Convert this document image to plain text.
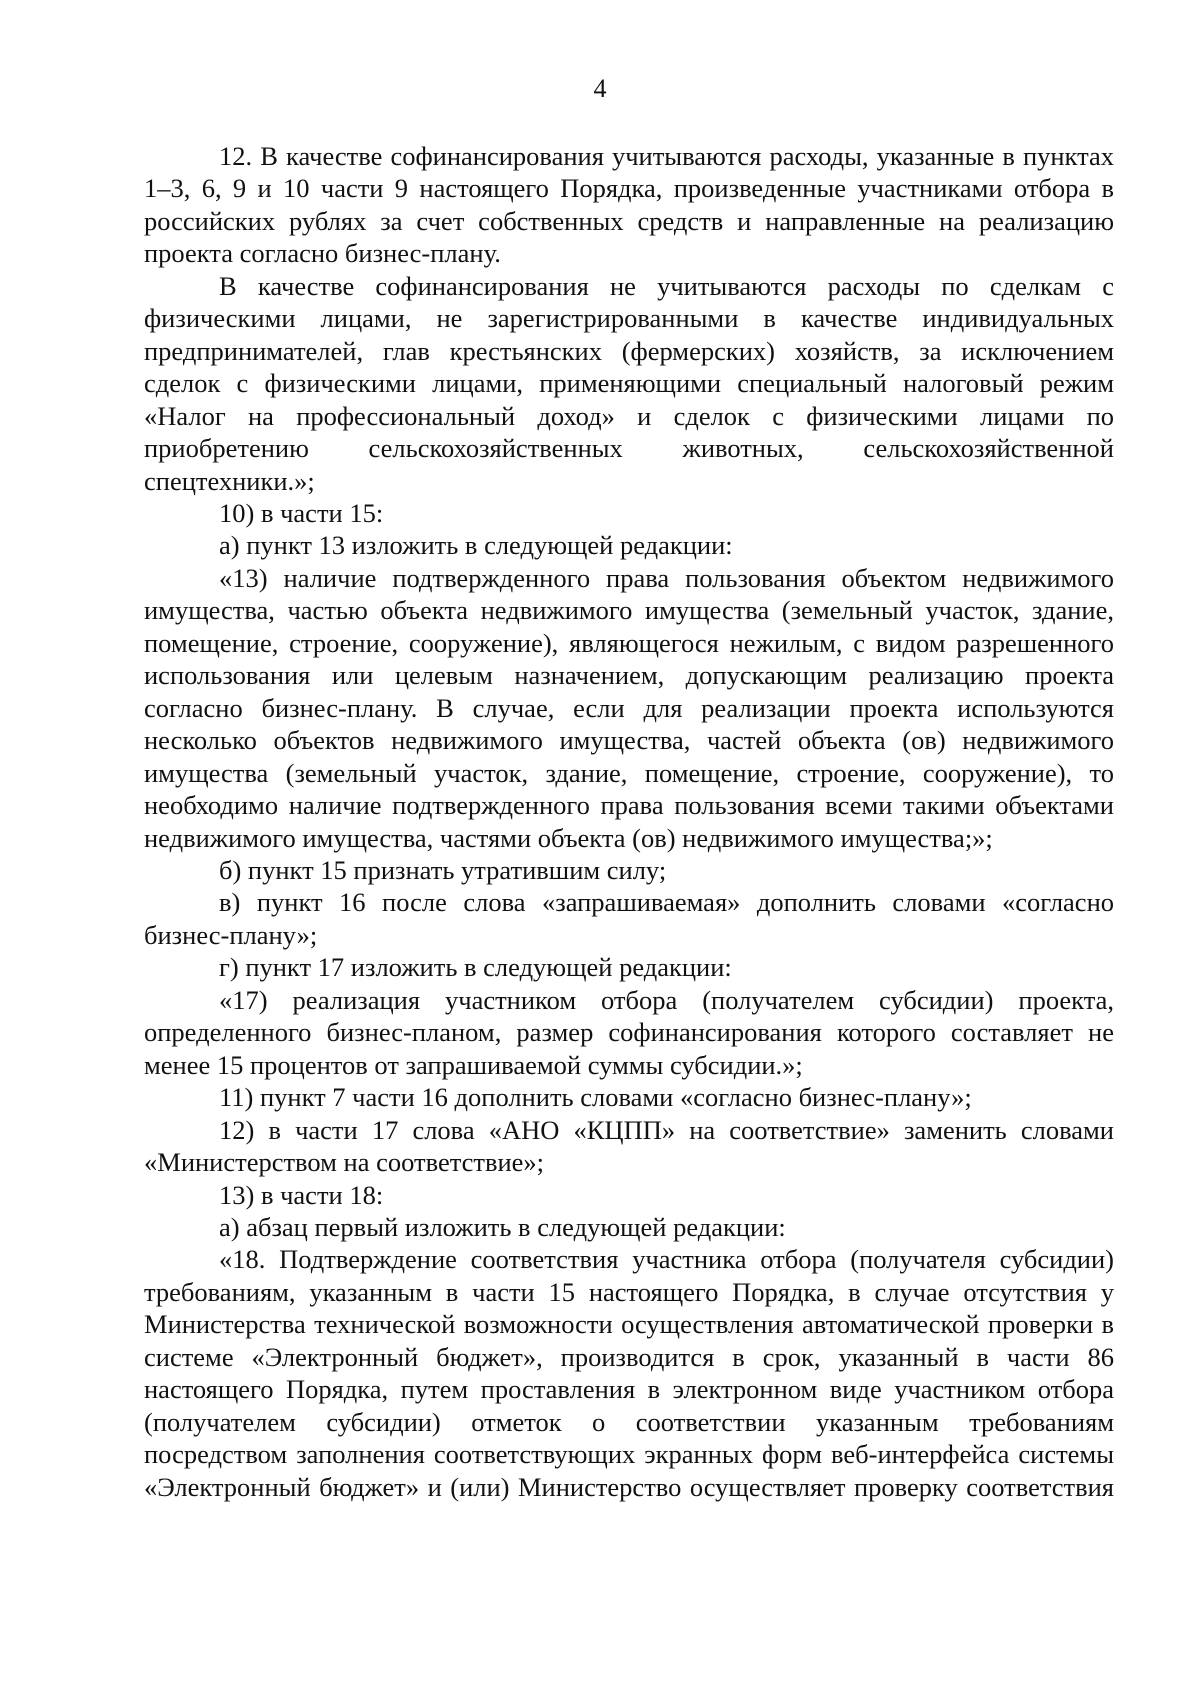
4

12. В качестве софинансирования учитываются расходы, указанные в пунктах 1–3, 6, 9 и 10 части 9 настоящего Порядка, произведенные участниками отбора в российских рублях за счет собственных средств и направленные на реализацию проекта согласно бизнес-плану.

В качестве софинансирования не учитываются расходы по сделкам с физическими лицами, не зарегистрированными в качестве индивидуальных предпринимателей, глав крестьянских (фермерских) хозяйств, за исключением сделок с физическими лицами, применяющими специальный налоговый режим «Налог на профессиональный доход» и сделок с физическими лицами по приобретению сельскохозяйственных животных, сельскохозяйственной спецтехники.»;

10) в части 15:

а) пункт 13 изложить в следующей редакции:

«13) наличие подтвержденного права пользования объектом недвижимого имущества, частью объекта недвижимого имущества (земельный участок, здание, помещение, строение, сооружение), являющегося нежилым, с видом разрешенного использования или целевым назначением, допускающим реализацию проекта согласно бизнес-плану. В случае, если для реализации проекта используются несколько объектов недвижимого имущества, частей объекта (ов) недвижимого имущества (земельный участок, здание, помещение, строение, сооружение), то необходимо наличие подтвержденного права пользования всеми такими объектами недвижимого имущества, частями объекта (ов) недвижимого имущества;»;

б) пункт 15 признать утратившим силу;

в) пункт 16 после слова «запрашиваемая» дополнить словами «согласно бизнес-плану»;

г) пункт 17 изложить в следующей редакции:

«17) реализация участником отбора (получателем субсидии) проекта, определенного бизнес-планом, размер софинансирования которого составляет не менее 15 процентов от запрашиваемой суммы субсидии.»;

11) пункт 7 части 16 дополнить словами «согласно бизнес-плану»;

12) в части 17 слова «АНО «КЦПП» на соответствие» заменить словами «Министерством на соответствие»;

13) в части 18:

а) абзац первый изложить в следующей редакции:

«18. Подтверждение соответствия участника отбора (получателя субсидии) требованиям, указанным в части 15 настоящего Порядка, в случае отсутствия у Министерства технической возможности осуществления автоматической проверки в системе «Электронный бюджет», производится в срок, указанный в части 86 настоящего Порядка, путем проставления в электронном виде участником отбора (получателем субсидии) отметок о соответствии указанным требованиям посредством заполнения соответствующих экранных форм веб-интерфейса системы «Электронный бюджет» и (или) Министерство осуществляет проверку соответствия
